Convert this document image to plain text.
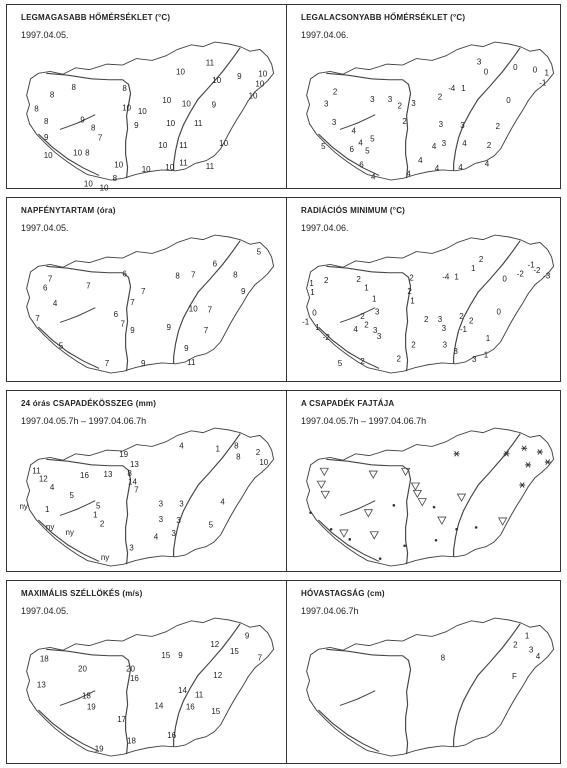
LEGMAGASABB HŐMÉRSÉKLET (°C)
1997.04.05.
8
8
8
8
8	9
8
7
9
10	10 8
10 10
9
10
10 10
8
11
10
10 9 10
10
10
10 10	9
10 11
10
10 11
11 11
10 10
LEGALACSONYABB HŐMÉRSÉKLET (°C)
1997.04.06.
3
0
0 0 1
-1
-4 1
2	0
2
3
3 3
2 3
2
3
4
4 5
5
5
6
6
4	4
3 3	2
3 4	2
4
4 4	4
4
NAPFÉNYTARTAM (óra)
1997.04.05.
7
6
6
7
4
7	6
7
5
9
7	9
7
7
8 7
6
8
5
9
10 7
9	7
9
11
RADIÁCIÓS MINIMUM (°C)
1997.04.06.
2
1	-1
-2 -2
-3
-4 1
2	0
1 2	2
1
1	2
1	1
3
0
-1
1
2
2
3
4
3
-2
2 3 2
2
0
-1
3
1
2	3
3
5 2	2	1
3
24 órás CSAPADÉKÖSSZEG (mm)
1997.04.05.7h – 1997.04.06.7h
4	1 8
2
8
10
19
11
12	16 13 8
14
7
13
4
5
ny 1	5
1
2
ny
ny
ny
3 3	4
3 3
5
4 3
3
A CSAPADÉK FAJTÁJA
1997.04.05.7h – 1997.04.06.7h
MAXIMÁLIS SZÉLLÖKÉS (m/s)
1997.04.05.
12
15 9	15
9
7
18
20
13
20
16	12
18
19
11
14
14	16
15
17
18
16
19
HÓVASTAGSÁG (cm)
1997.04.06.7h
1
2
3
4
8
F
